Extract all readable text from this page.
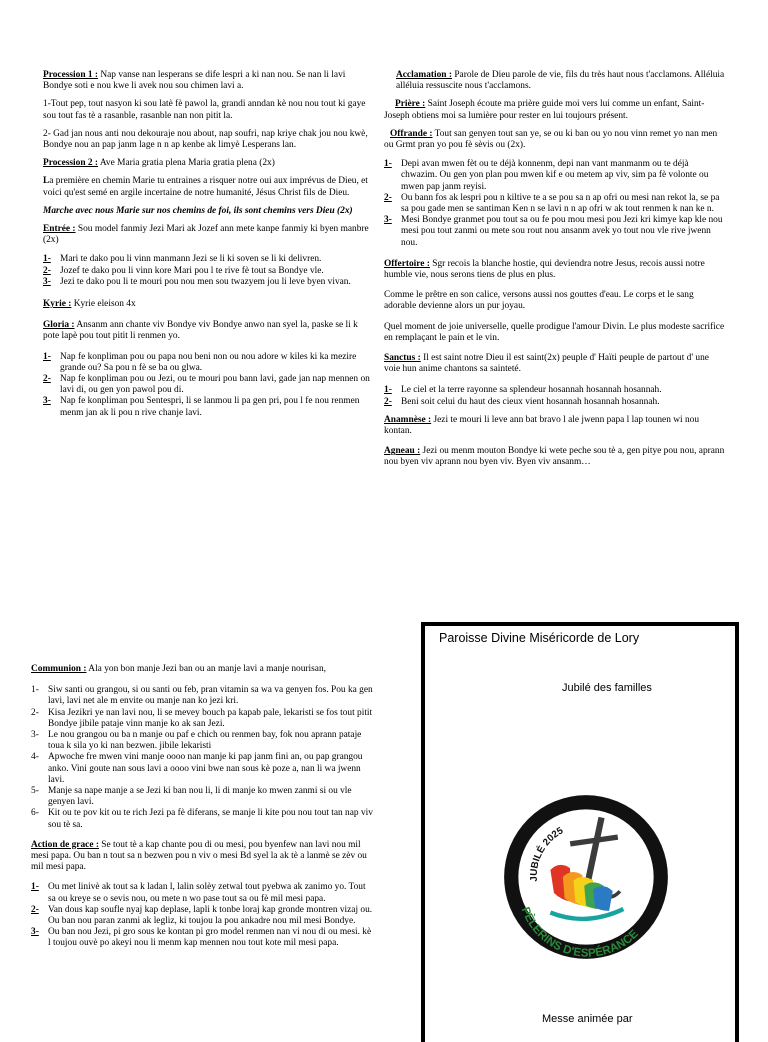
Procession 1 : Nap vanse nan lesperans se dife lespri a ki nan nou. Se nan li lavi Bondye soti e nou kwe li avek nou sou chimen lavi a.

1-Tout pep, tout nasyon ki sou latè fè pawol la, grandi anndan kè nou nou tout ki gaye sou tout fas tè a rasanble, rasanble nan non pitit la.

2- Gad jan nous anti nou dekouraje nou about, nap soufri, nap kriye chak jou nou kwè, Bondye nou an pap janm lage n n ap kenbe ak limyè Lesperans lan.

Procession 2 : Ave Maria gratia plena Maria gratia plena (2x)

La première en chemin Marie tu entraines a risquer notre oui aux imprévus de Dieu, et voici qu'est semé en argile incertaine de notre humanité, Jésus Christ fils de Dieu.

Marche avec nous Marie sur nos chemins de foi, ils sont chemins vers Dieu (2x)

Entrée : Sou model fanmiy Jezi Mari ak Jozef ann mete kanpe fanmiy ki byen manbre (2x)

1- Mari te dako pou li vinn manmann Jezi se li ki soven se li ki delivren.
2- Jozef te dako pou li vinn kore Mari pou l te rive fè tout sa Bondye vle.
3- Jezi te dako pou li te mouri pou nou men sou twazyem jou li leve byen vivan.

Kyrie : Kyrie eleison 4x

Gloria : Ansanm ann chante viv Bondye viv Bondye anwo nan syel la, paske se li k pote lapè pou tout pitit li renmen yo.

1- Nap fe konpliman pou ou papa nou beni non ou nou adore w kiles ki ka mezire grande ou? Sa pou n fè se ba ou glwa.
2- Nap fe konpliman pou ou Jezi, ou te mouri pou bann lavi, gade jan nap mennen on lavi di, ou gen yon pawol pou di.
3- Nap fe konpliman pou Sentespri, li se lanmou li pa gen pri, pou l fe nou renmen menm jan ak li pou n rive chanje lavi.

Acclamation : Parole de Dieu parole de vie, fils du très haut nous t'acclamons. Alléluia alléluia ressuscite nous t'acclamons.

Prière : Saint Joseph écoute ma prière guide moi vers lui comme un enfant, Saint- Joseph obtiens moi sa lumière pour rester en lui toujours présent.

Offrande : Tout san genyen tout san ye, se ou ki ban ou yo nou vinn remet yo nan men ou Grmt pran yo pou fè sèvis ou (2x).

1- Depi avan mwen fèt ou te déjà konnenm, depi nan vant manmanm ou te déjà chwazim. Ou gen yon plan pou mwen kif e ou metem ap viv, sim pa fè volonte ou mwen pap janm reyisi.
2- Ou bann fos ak lespri pou n kiltive te a se pou sa n ap ofri ou mesi nan rekot la, se pa sa pou gade men se santiman Ken n se lavi n n ap ofri w ak tout renmen k nan ke n.
3- Mesi Bondye granmet pou tout sa ou fe pou mou mesi pou Jezi kri kimye kap kle nou mesi pou tout zanmi ou mete sou rout nou ansanm avek yo tout nou vle rive jwenn nou.

Offertoire : Sgr recois la blanche hostie, qui deviendra notre Jesus, recois aussi notre humble vie, nous serons tiens de plus en plus.

Comme le prêtre en son calice, versons aussi nos gouttes d'eau. Le corps et le sang adorable devienne alors un pur joyau.

Quel moment de joie universelle, quelle prodigue l'amour Divin. Le plus modeste sacrifice en remplaçant le pain et le vin.

Sanctus : Il est saint notre Dieu il est saint(2x) peuple d' Haïti peuple de partout d' une voie hun anime chantons sa sainteté.

1- Le ciel et la terre rayonne sa splendeur hosannah hosannah hosannah.
2- Beni soit celui du haut des cieux vient hosannah hosannah hosannah.

Anamnèse : Jezi te mouri li leve ann bat bravo l ale jwenn papa l lap tounen wi nou kontan.

Agneau : Jezi ou menm mouton Bondye ki wete peche sou tè a, gen pitye pou nou, aprann nou byen viv aprann nou byen viv. Byen viv ansanm…

Communion : Ala yon bon manje Jezi ban ou an manje lavi a manje nourisan,

1- Siw santi ou grangou, si ou santi ou feb, pran vitamin sa wa va genyen fos. Pou ka gen lavi, lavi net ale m envite ou manje nan ko jezi kri.
2- Kisa Jezikri ye nan lavi nou, li se mevey bouch pa kapab pale, lekaristi se fos tout pitit Bondye jibile pataje vinn manje ko ak san Jezi.
3- Le nou grangou ou ba n manje ou paf e chich ou renmen bay, fok nou aprann pataje toua k sila yo ki nan bezwen. jibile lekaristi
4- Apwoche fre mwen vini manje oooo nan manje ki pap janm fini an, ou pap grangou anko. Vini goute nan sous lavi a oooo vini bwe nan sous kè poze a, nan li wa jwenn lavi.
5- Manje sa nape manje a se Jezi ki ban nou li, li di manje ko mwen zanmi si ou vle genyen lavi.
6- Kit ou te pov kit ou te rich Jezi pa fè diferans, se manje li kite pou nou tout tan nap viv sou tè sa.

Action de grace : Se tout tè a kap chante pou di ou mesi, pou byenfew nan lavi nou mil mesi papa. Ou ban n tout sa n bezwen pou n viv o mesi Bd syel la ak tè a lanmè se zèv ou mil mesi papa.

1- Ou met linivè ak tout sa k ladan l, lalin solèy zetwal tout pyebwa ak zanimo yo. Tout sa ou kreye se o sevis nou, ou mete n wo pase tout sa ou fè mil mesi papa.
2- Van dous kap soufle nyaj kap deplase, lapli k tonbe loraj kap gronde montren vizaj ou. Ou ban nou paran zanmi ak legliz, ki toujou la pou ankadre nou mil mesi Bondye.
3- Ou ban nou Jezi, pi gro sous ke kontan pi gro model renmen nan vi nou di ou mesi. kè l toujou ouvè po akeyi nou li menm kap mennen nou tout kote mil mesi papa.
Paroisse Divine Miséricorde de Lory
Jubilé des familles
JUBILÉ 2025
PÈLERINS D'ESPÉRANCE
Messe animée par
